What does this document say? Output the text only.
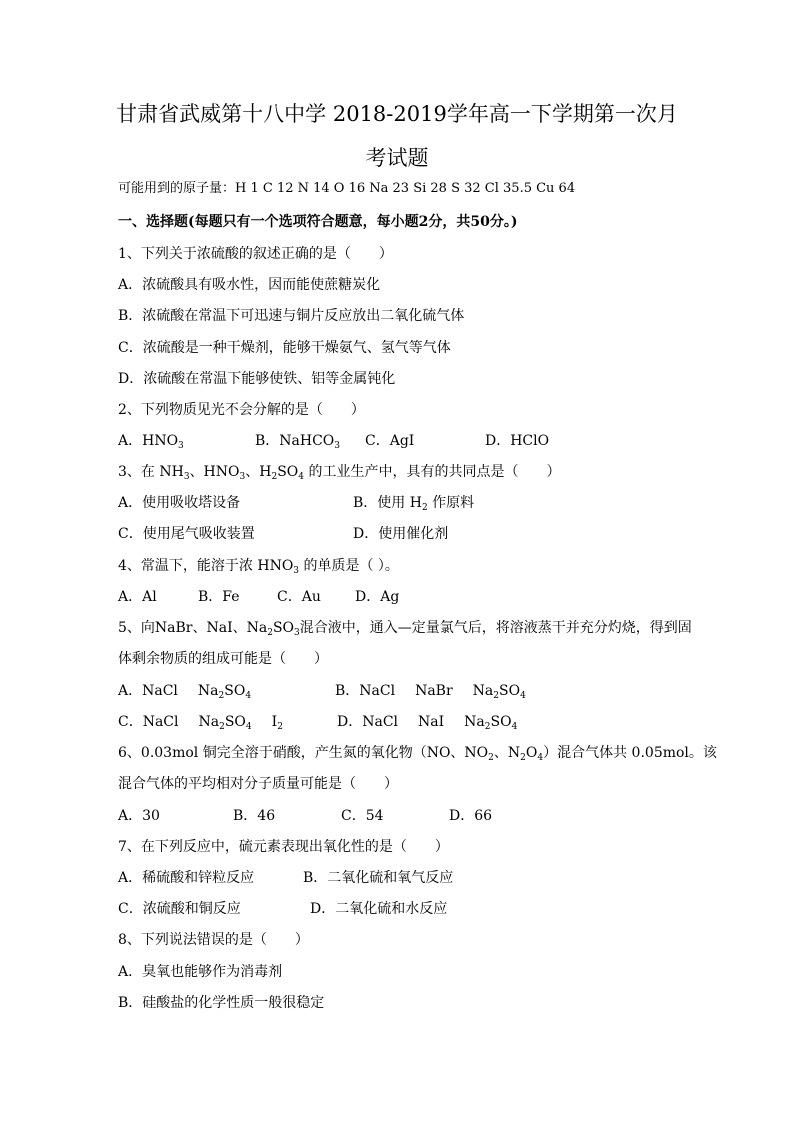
甘肃省武威第十八中学 2018-2019学年高一下学期第一次月
考试题
可能用到的原子量：H 1 C 12 N 14 O 16 Na 23 Si 28 S 32 Cl 35.5 Cu 64
一、选择题(每题只有一个选项符合题意，每小题2分，共50分。)
1、下列关于浓硫酸的叙述正确的是（　　）
A．浓硫酸具有吸水性，因而能使蔗糖炭化
B．浓硫酸在常温下可迅速与铜片反应放出二氧化硫气体
C．浓硫酸是一种干燥剂，能够干燥氨气、氢气等气体
D．浓硫酸在常温下能够使铁、铝等金属钝化
2、下列物质见光不会分解的是（　　）
A．$HNO_3$	B．NaHCO$_3$ C．AgI	D．HClO
3、在 $NH_3$、$HNO_3$、$H_2SO_4$ 的工业生产中，具有的共同点是（　　）
A．使用吸收塔设备	B．使用 $H_2$ 作原料
C．使用尾气吸收装置	D．使用催化剂
4、常温下，能溶于浓 $HNO_3$ 的单质是（ ）。
A．Al	B．Fe	C．Au D．Ag
5、向NaBr、NaI、$Na_2SO_3$混合液中，通入—定量氯气后，将溶液蒸干并充分灼烧，得到固
体剩余物质的组成可能是（　　）
A．NaCl $Na_2SO_4$	B．NaCl NaBr $Na_2SO_4$
C．NaCl $Na_2SO_4$ $I_2$	D．NaCl NaI $Na_2SO_4$
6、0.03mol 铜完全溶于硝酸，产生氮的氧化物（NO、$NO_2$、$N_2O_4$）混合气体共 0.05mol。该
混合气体的平均相对分子质量可能是（　　）
A．30	B．46	C．54	D．66
7、在下列反应中，硫元素表现出氧化性的是（　　）
A．稀硫酸和锌粒反应	B．二氧化硫和氧气反应
C．浓硫酸和铜反应	D．二氧化硫和水反应
8、下列说法错误的是（　　）
A．臭氧也能够作为消毒剂
B．硅酸盐的化学性质一般很稳定
